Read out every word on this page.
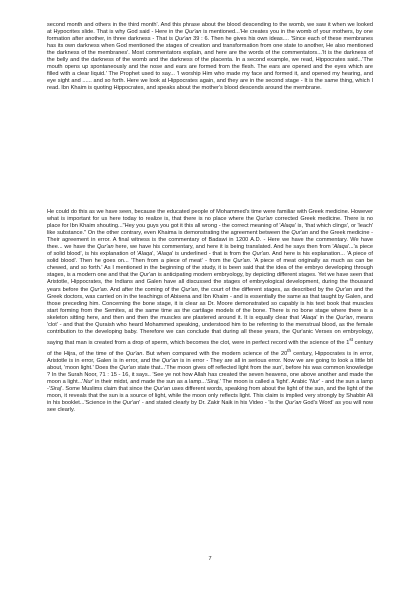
second month and others in the third month'. And this phrase about the blood descending to the womb, we saw it when we looked at Hypocrites slide. That is why God said - Here in the Qur'an is mentioned...'He creates you in the womb of your mothers, by one formation after another, in three darkness - That is Qur'an 39 : 6. Then he gives his own ideas.... 'Since each of these membranes has its own darkness when God mentioned the stages of creation and transformation from one state to another, He also mentioned the darkness of the membranes'. Most commentators explain, and here are the words of the commentators...'It is the darkness of the belly and the darkness of the womb and the darkness of the placenta. In a second example, we read, Hippocrates said...'The mouth opens up spontaneously and the nose and ears are formed from the flesh. The ears are opened and the eyes which are filled with a clear liquid.' The Prophet used to say... 'I worship Him who made my face and formed it, and opened my hearing, and eye sight and ...... and so forth. Here we look at Hippocrates again, and they are in the second stage - It is the same thing, which I read. Ibn Khaim is quoting Hippocrates, and speaks about the mother's blood descends around the membrane.
He could do this as we have seen, because the educated people of Mohammed's time were familiar with Greek medicine. However what is important for us here today to realize is, that there is no place where the Qur'an corrected Greek medicine. There is no place for Ibn Khaim shouting..."Hey you guys you got it this all wrong - the correct meaning of 'Alaqa' is, 'that which clings', or 'leach' like substance." On the other contrary, even Khaima is demonstrating the agreement between the Qur'an and the Greek medicine - Their agreement in error. A final witness is the commentary of Badawi in 1200 A.D. - Here we have the commentary. We have thee... we have the Qur'an here, we have his commentary, and here it is being translated. And he says then from 'Alaqa'...'a piece of solid blood', is his explanation of 'Alaqa', 'Alaqa' is underlined - that is from the Qur'an. And here is his explanation... 'A piece of solid blood'. Then he goes on... 'Then from a piece of meat' - from the Qur'an. 'A piece of meat originally as much as can be chewed, and so forth.' As I mentioned in the beginning of the study, it is been said that the idea of the embryo developing through stages, is a modern one and that the Qur'an is anticipating modern embryology, by depicting different stages. Yet we have seen that Aristotle, Hippocrates, the Indians and Galen have all discussed the stages of embryological development, during the thousand years before the Qur'an. And after the coming of the Qur'an, the court of the different stages, as described by the Qur'an and the Greek doctors, was carried on in the teachings of Abisena and Ibn Khaim - and is essentially the same as that taught by Galen, and those preceding him. Concerning the bone stage, it is clear as Dr. Moore demonstrated so capably is his text book that muscles start forming from the Semites, at the same time as the cartilage models of the bone. There is no bone stage where there is a skeleton sitting here, and then and then the muscles are plastered around it. It is equally clear that 'Alaqa' in the Qur'an, means 'clot' - and that the Quraish who heard Mohammed speaking, understood him to be referring to the menstrual blood, as the female contribution to the developing baby. Therefore we can conclude that during all these years, the Qur'anic Verses on embryology, saying that man is created from a drop of sperm, which becomes the clot, were in perfect record with the science of the 1st century of the Hijra, of the time of the Qur'an. But when compared with the modern science of the 20th century, Hippocrates is in error, Aristotle is in error, Galen is in error, and the Qur'an is in error - They are all in serious error. Now we are going to look a little bit about, 'moon light.' Does the Qur'an state that...'The moon gives off reflected light from the sun', before his was common knowledge ? In the Surah Noor, 71 : 15 - 16, it says.. 'See ye not how Allah has created the seven heavens, one above another and made the moon a light...'Nur' in their midst, and made the sun as a lamp...'Siraj.' The moon is called a 'light'. Arabic 'Nur' - and the sun a lamp -'Siraj'. Some Muslims claim that since the Qur'an uses different words, speaking from about the light of the sun, and the light of the moon, it reveals that the sun is a source of light, while the moon only reflects light. This claim is implied very strongly by Shabbir Ali in his booklet...'Science in the Qur'an' - and stated clearly by Dr. Zakir Naik in his Video - 'Is the Qur'an God's Word' as you will now see clearly.
7
